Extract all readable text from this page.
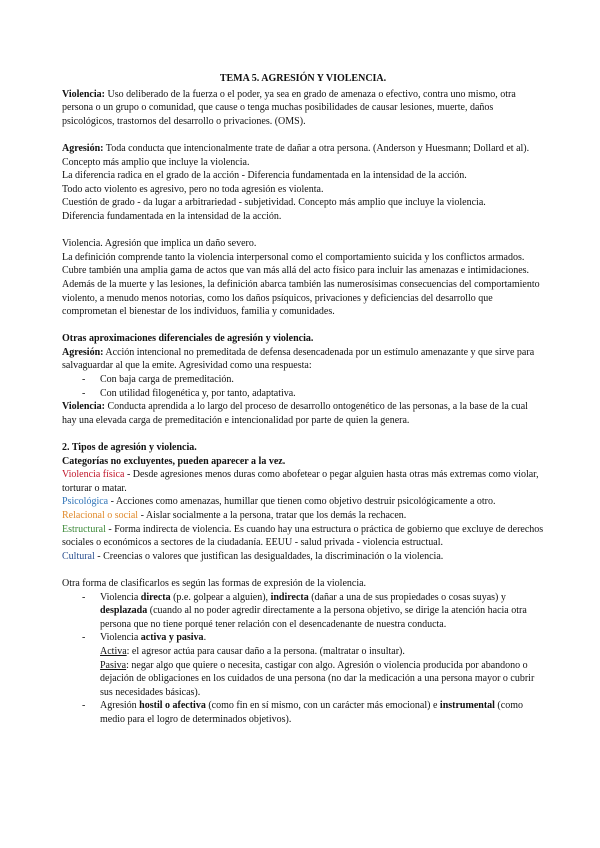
TEMA 5. AGRESIÓN Y VIOLENCIA.

Violencia: Uso deliberado de la fuerza o el poder, ya sea en grado de amenaza o efectivo, contra uno mismo, otra persona o un grupo o comunidad, que cause o tenga muchas posibilidades de causar lesiones, muerte, daños psicológicos, trastornos del desarrollo o privaciones. (OMS).

Agresión: Toda conducta que intencionalmente trate de dañar a otra persona. (Anderson y Huesmann; Dollard et al). Concepto más amplio que incluye la violencia.

La diferencia radica en el grado de la acción - Diferencia fundamentada en la intensidad de la acción.

Todo acto violento es agresivo, pero no toda agresión es violenta.

Cuestión de grado - da lugar a arbitrariedad - subjetividad. Concepto más amplio que incluye la violencia.

Diferencia fundamentada en la intensidad de la acción.

Violencia. Agresión que implica un daño severo.

La definición comprende tanto la violencia interpersonal como el comportamiento suicida y los conflictos armados. Cubre también una amplia gama de actos que van más allá del acto físico para incluir las amenazas e intimidaciones. Además de la muerte y las lesiones, la definición abarca también las numerosísimas consecuencias del comportamiento violento, a menudo menos notorias, como los daños psíquicos, privaciones y deficiencias del desarrollo que comprometan el bienestar de los individuos, familia y comunidades.

Otras aproximaciones diferenciales de agresión y violencia.

Agresión: Acción intencional no premeditada de defensa desencadenada por un estímulo amenazante y que sirve para salvaguardar al que la emite. Agresividad como una respuesta:

- Con baja carga de premeditación.

- Con utilidad filogenética y, por tanto, adaptativa.

Violencia: Conducta aprendida a lo largo del proceso de desarrollo ontogenético de las personas, a la base de la cual hay una elevada carga de premeditación e intencionalidad por parte de quien la genera.

2. Tipos de agresión y violencia.

Categorías no excluyentes, pueden aparecer a la vez.

Violencia física - Desde agresiones menos duras como abofetear o pegar alguien hasta otras más extremas como violar, torturar o matar.

Psicológica - Acciones como amenazas, humillar que tienen como objetivo destruir psicológicamente a otro.

Relacional o social - Aislar socialmente a la persona, tratar que los demás la rechacen.

Estructural - Forma indirecta de violencia. Es cuando hay una estructura o práctica de gobierno que excluye de derechos sociales o económicos a sectores de la ciudadanía. EEUU - salud privada - violencia estructual.

Cultural - Creencias o valores que justifican las desigualdades, la discriminación o la violencia.

Otra forma de clasificarlos es según las formas de expresión de la violencia.

- Violencia directa (p.e. golpear a alguien), indirecta (dañar a una de sus propiedades o cosas suyas) y desplazada (cuando al no poder agredir directamente a la persona objetivo, se dirige la atención hacia otra persona que no tiene porqué tener relación con el desencadenante de nuestra conducta.

- Violencia activa y pasiva.
Activa: el agresor actúa para causar daño a la persona. (maltratar o insultar).
Pasiva: negar algo que quiere o necesita, castigar con algo. Agresión o violencia producida por abandono o dejación de obligaciones en los cuidados de una persona (no dar la medicación a una persona mayor o cubrir sus necesidades básicas).

- Agresión hostil o afectiva (como fin en sí mismo, con un carácter más emocional) e instrumental (como medio para el logro de determinados objetivos).
